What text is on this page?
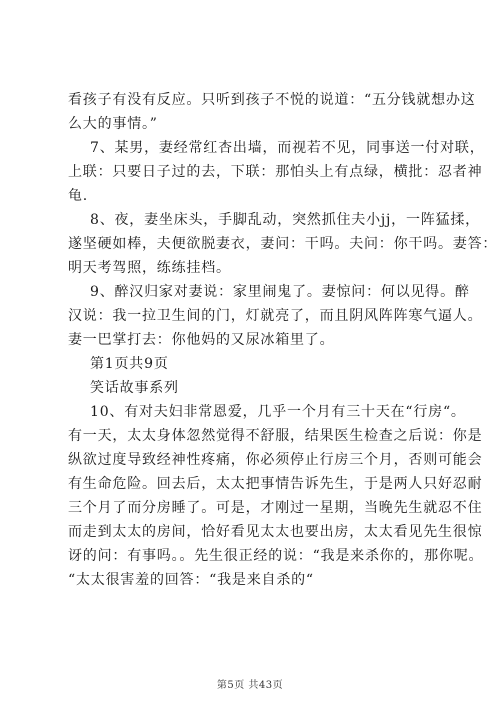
看孩子有没有反应。只听到孩子不悦的说道：“五分钱就想办这

么大的事情。”

7、某男，妻经常红杏出墙，而视若不见，同事送一付对联，

上联：只要日子过的去，下联：那怕头上有点绿，横批：忍者神

龟.

8、夜，妻坐床头，手脚乱动，突然抓住夫小jj，一阵猛揉，

遂坚硬如棒，夫便欲脱妻衣，妻问：干吗。夫问：你干吗。妻答：

明天考驾照，练练挂档。

9、醉汉归家对妻说：家里闹鬼了。妻惊问：何以见得。醉

汉说：我一拉卫生间的门，灯就亮了，而且阴风阵阵寒气逼人。

妻一巴掌打去：你他妈的又尿冰箱里了。

第1页共9页

笑话故事系列

10、有对夫妇非常恩爱，几乎一个月有三十天在“行房“。

有一天，太太身体忽然觉得不舒服，结果医生检查之后说：你是

纵欲过度导致经神性疼痛，你必须停止行房三个月，否则可能会

有生命危险。回去后，太太把事情告诉先生，于是两人只好忍耐

三个月了而分房睡了。可是，才刚过一星期，当晚先生就忍不住

而走到太太的房间，恰好看见太太也要出房，太太看见先生很惊

讶的问：有事吗。。先生很正经的说：“我是来杀你的，那你呢。

“太太很害羞的回答：“我是来自杀的“

第5页 共43页
